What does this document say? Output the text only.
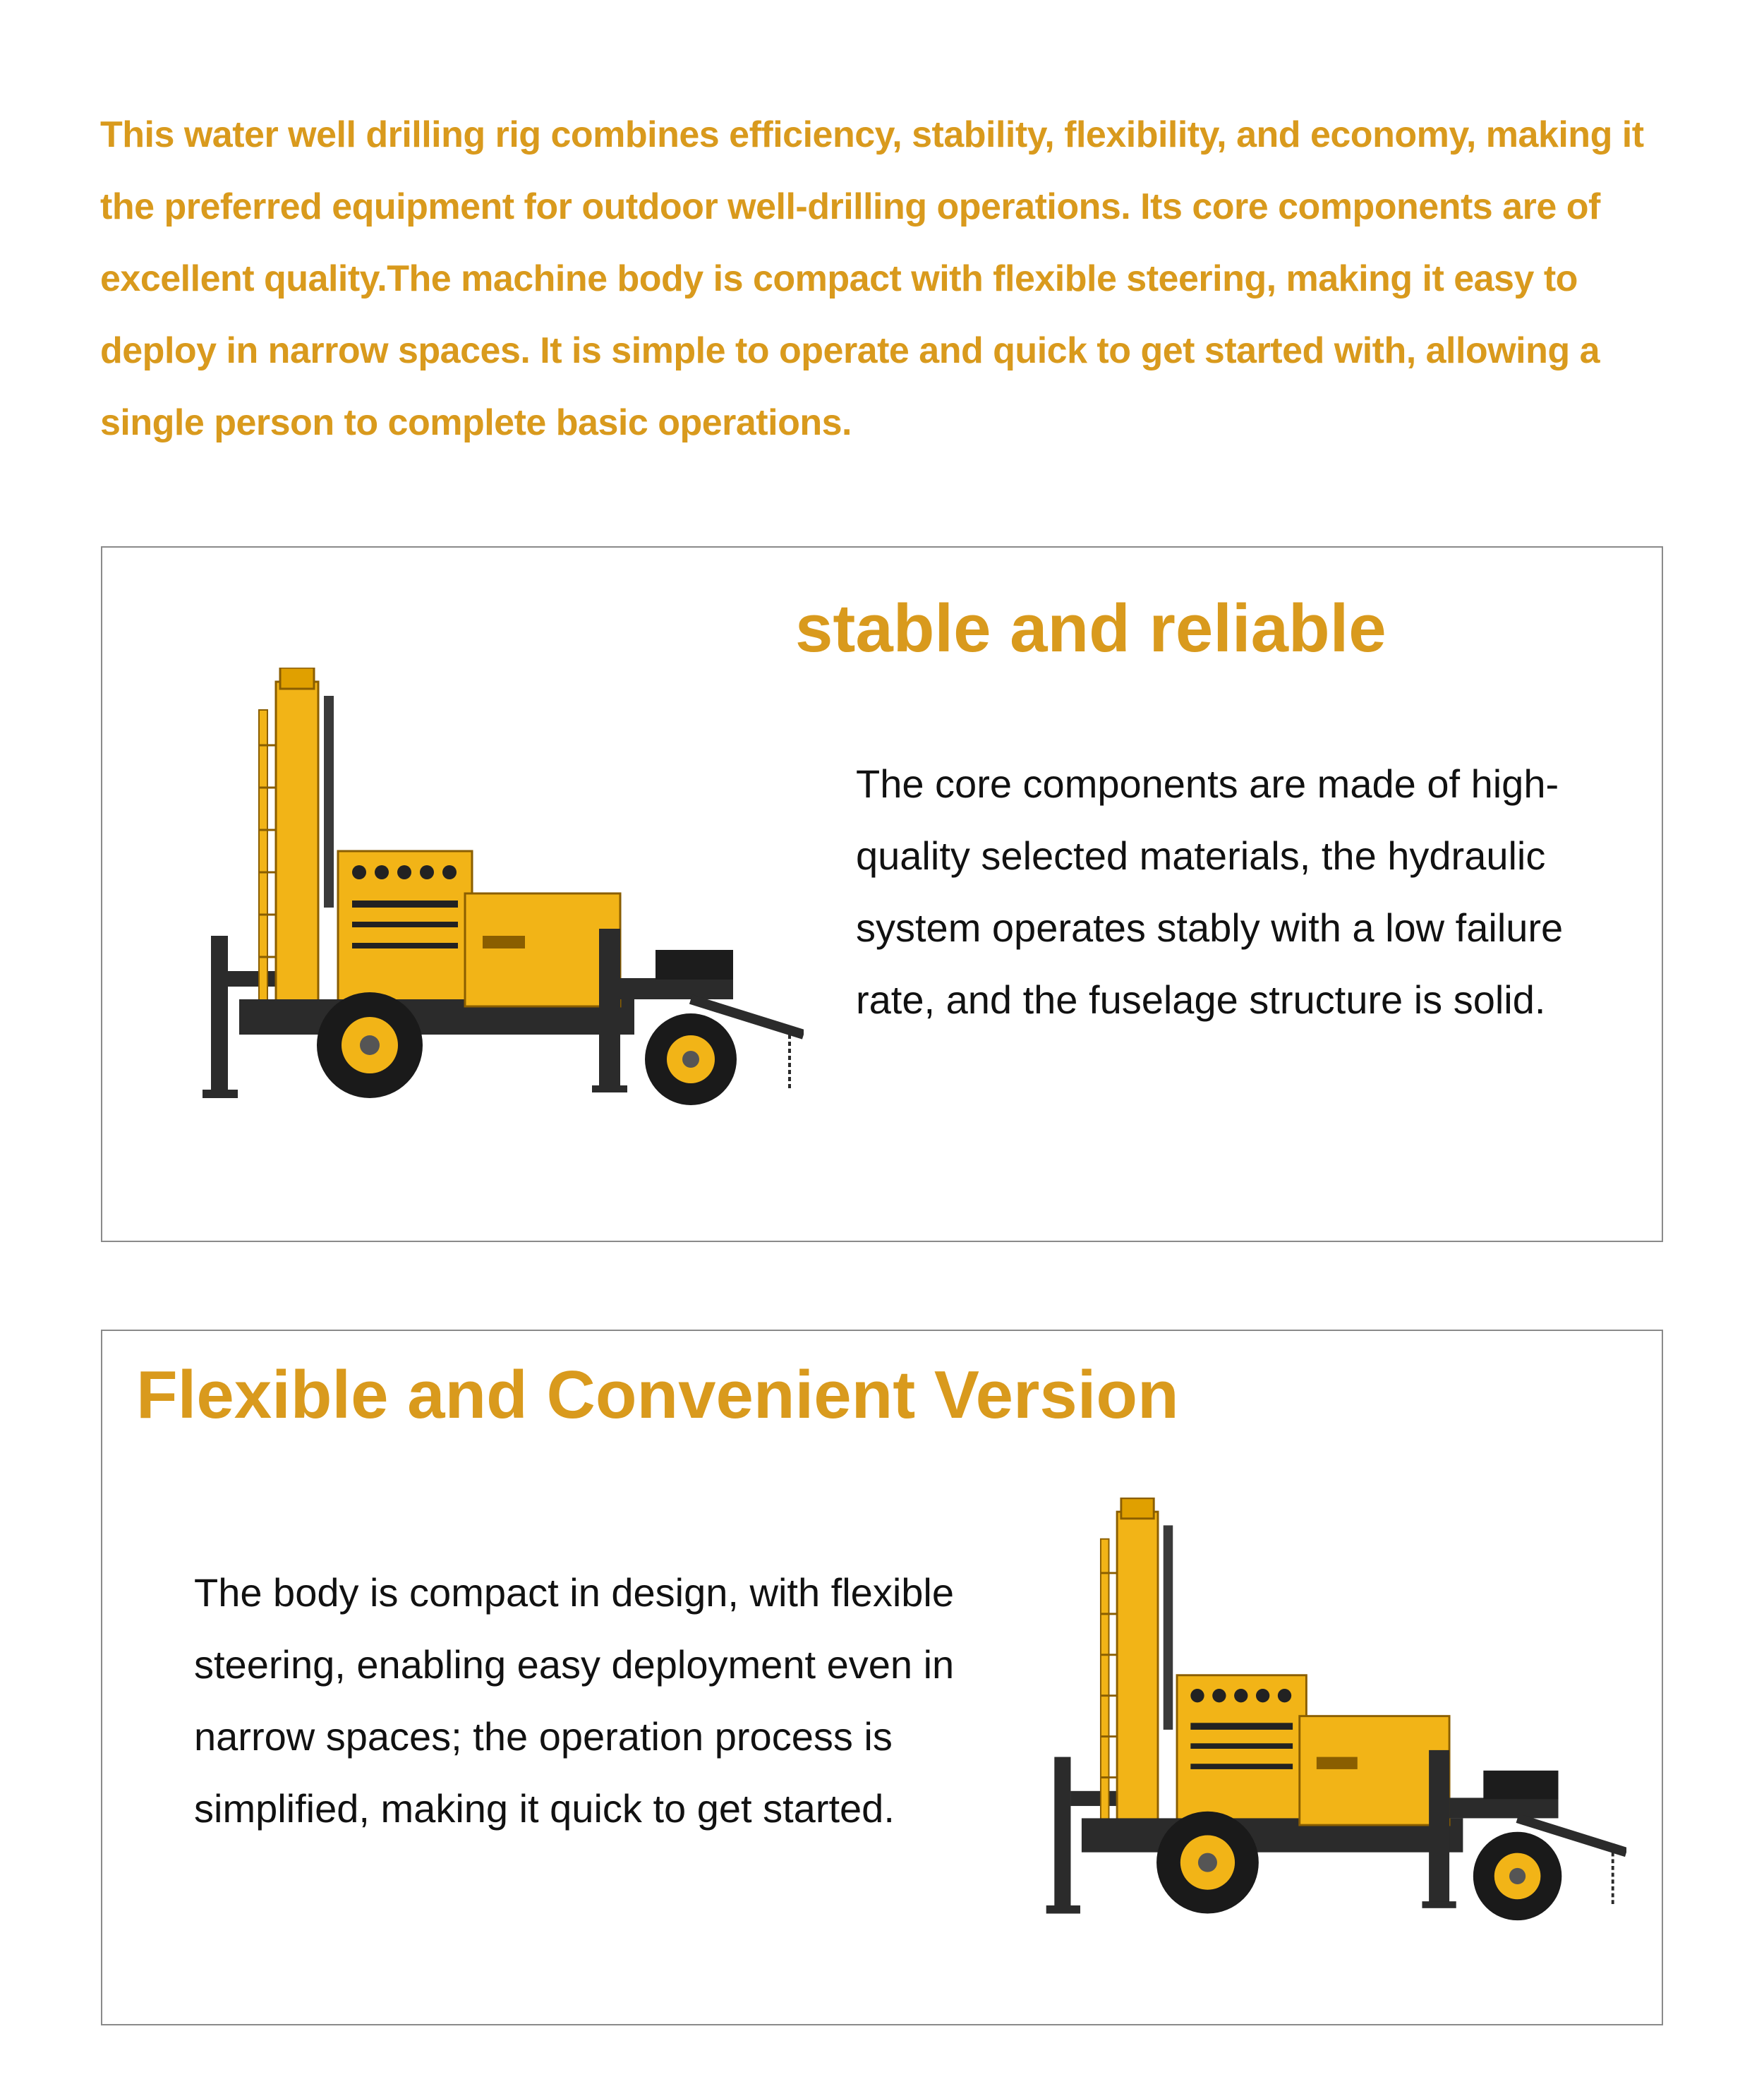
This water well drilling rig combines efficiency, stability, flexibility, and economy, making it the preferred equipment for outdoor well-drilling operations. Its core components are of excellent quality.The machine body is compact with flexible steering, making it easy to deploy in narrow spaces. It is simple to operate and quick to get started with, allowing a single person to complete basic operations.

stable and reliable

The core components are made of high-quality selected materials, the hydraulic system operates stably with a low failure rate, and the fuselage structure is solid.

Flexible and Convenient Version

The body is compact in design, with flexible steering, enabling easy deployment even in narrow spaces; the operation process is simplified, making it quick to get started.
